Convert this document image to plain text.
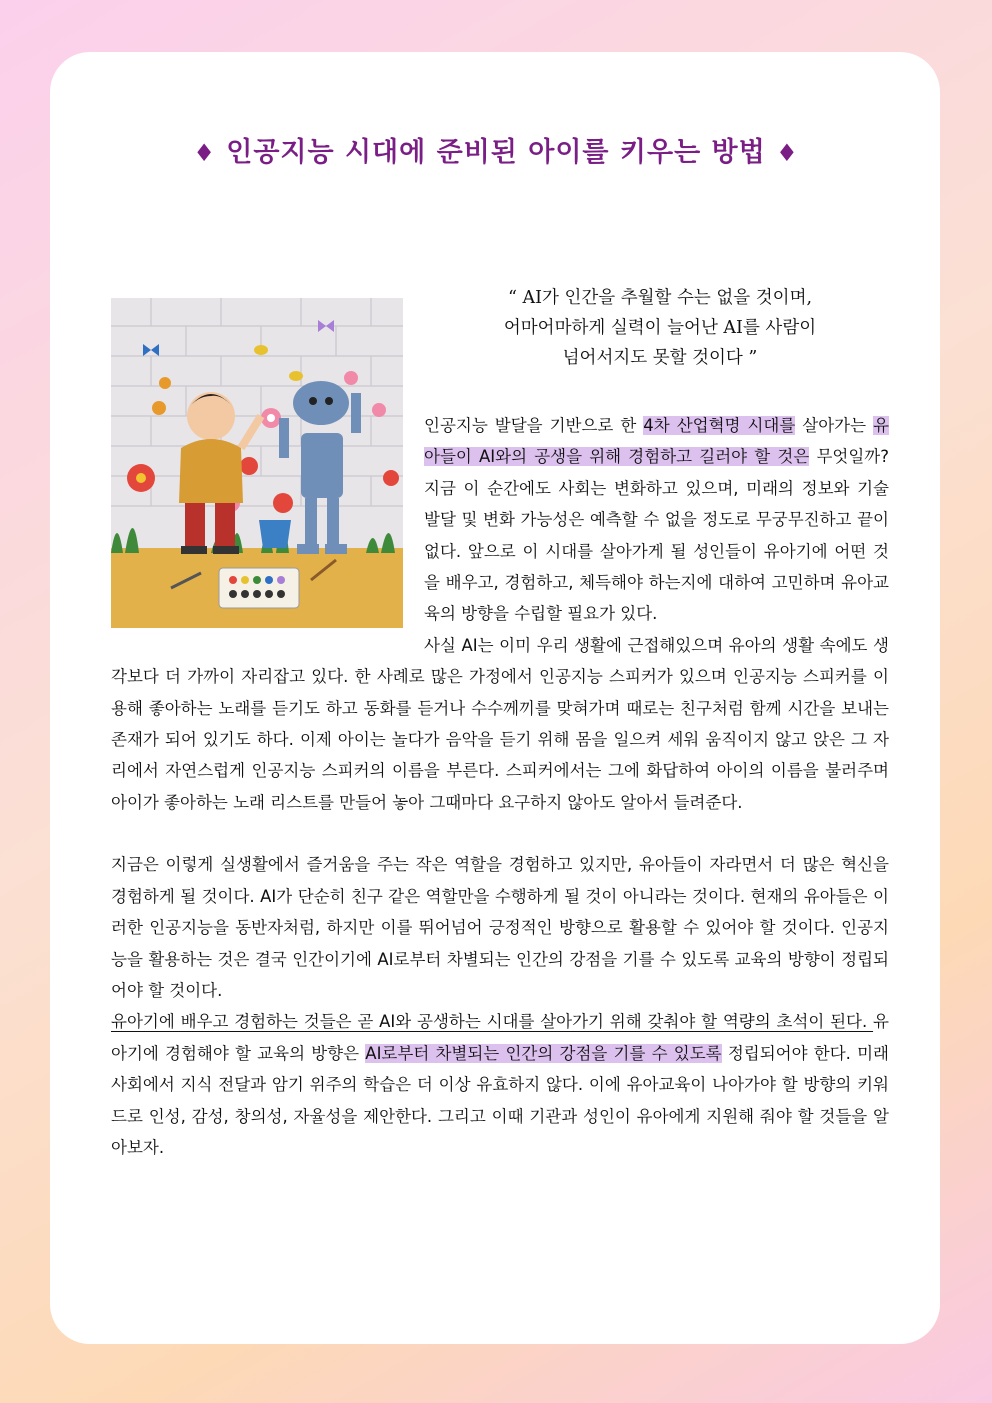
♦ 인공지능 시대에 준비된 아이를 키우는 방법 ♦

“ AI가 인간을 추월할 수는 없을 것이며,

어마어마하게 실력이 늘어난 AI를 사람이

넘어서지도 못할 것이다 ”

인공지능 발달을 기반으로 한 4차 산업혁명 시대를 살아가는 유아들이 AI와의 공생을 위해 경험하고 길러야 할 것은 무엇일까? 지금 이 순간에도 사회는 변화하고 있으며, 미래의 정보와 기술 발달 및 변화 가능성은 예측할 수 없을 정도로 무궁무진하고 끝이 없다. 앞으로 이 시대를 살아가게 될 성인들이 유아기에 어떤 것을 배우고, 경험하고, 체득해야 하는지에 대하여 고민하며 유아교육의 방향을 수립할 필요가 있다.

사실 AI는 이미 우리 생활에 근접해있으며 유아의 생활 속에도 생각보다 더 가까이 자리잡고 있다. 한 사례로 많은 가정에서 인공지능 스피커가 있으며 인공지능 스피커를 이용해 좋아하는 노래를 듣기도 하고 동화를 듣거나 수수께끼를 맞혀가며 때로는 친구처럼 함께 시간을 보내는 존재가 되어 있기도 하다. 이제 아이는 놀다가 음악을 듣기 위해 몸을 일으켜 세워 움직이지 않고 앉은 그 자리에서 자연스럽게 인공지능 스피커의 이름을 부른다. 스피커에서는 그에 화답하여 아이의 이름을 불러주며 아이가 좋아하는 노래 리스트를 만들어 놓아 그때마다 요구하지 않아도 알아서 들려준다.

지금은 이렇게 실생활에서 즐거움을 주는 작은 역할을 경험하고 있지만, 유아들이 자라면서 더 많은 혁신을 경험하게 될 것이다. AI가 단순히 친구 같은 역할만을 수행하게 될 것이 아니라는 것이다. 현재의 유아들은 이러한 인공지능을 동반자처럼, 하지만 이를 뛰어넘어 긍정적인 방향으로 활용할 수 있어야 할 것이다. 인공지능을 활용하는 것은 결국 인간이기에 AI로부터 차별되는 인간의 강점을 기를 수 있도록 교육의 방향이 정립되어야 할 것이다.

유아기에 배우고 경험하는 것들은 곧 AI와 공생하는 시대를 살아가기 위해 갖춰야 할 역량의 초석이 된다. 유아기에 경험해야 할 교육의 방향은 AI로부터 차별되는 인간의 강점을 기를 수 있도록 정립되어야 한다. 미래 사회에서 지식 전달과 암기 위주의 학습은 더 이상 유효하지 않다. 이에 유아교육이 나아가야 할 방향의 키워드로 인성, 감성, 창의성, 자율성을 제안한다. 그리고 이때 기관과 성인이 유아에게 지원해 줘야 할 것들을 알아보자.
